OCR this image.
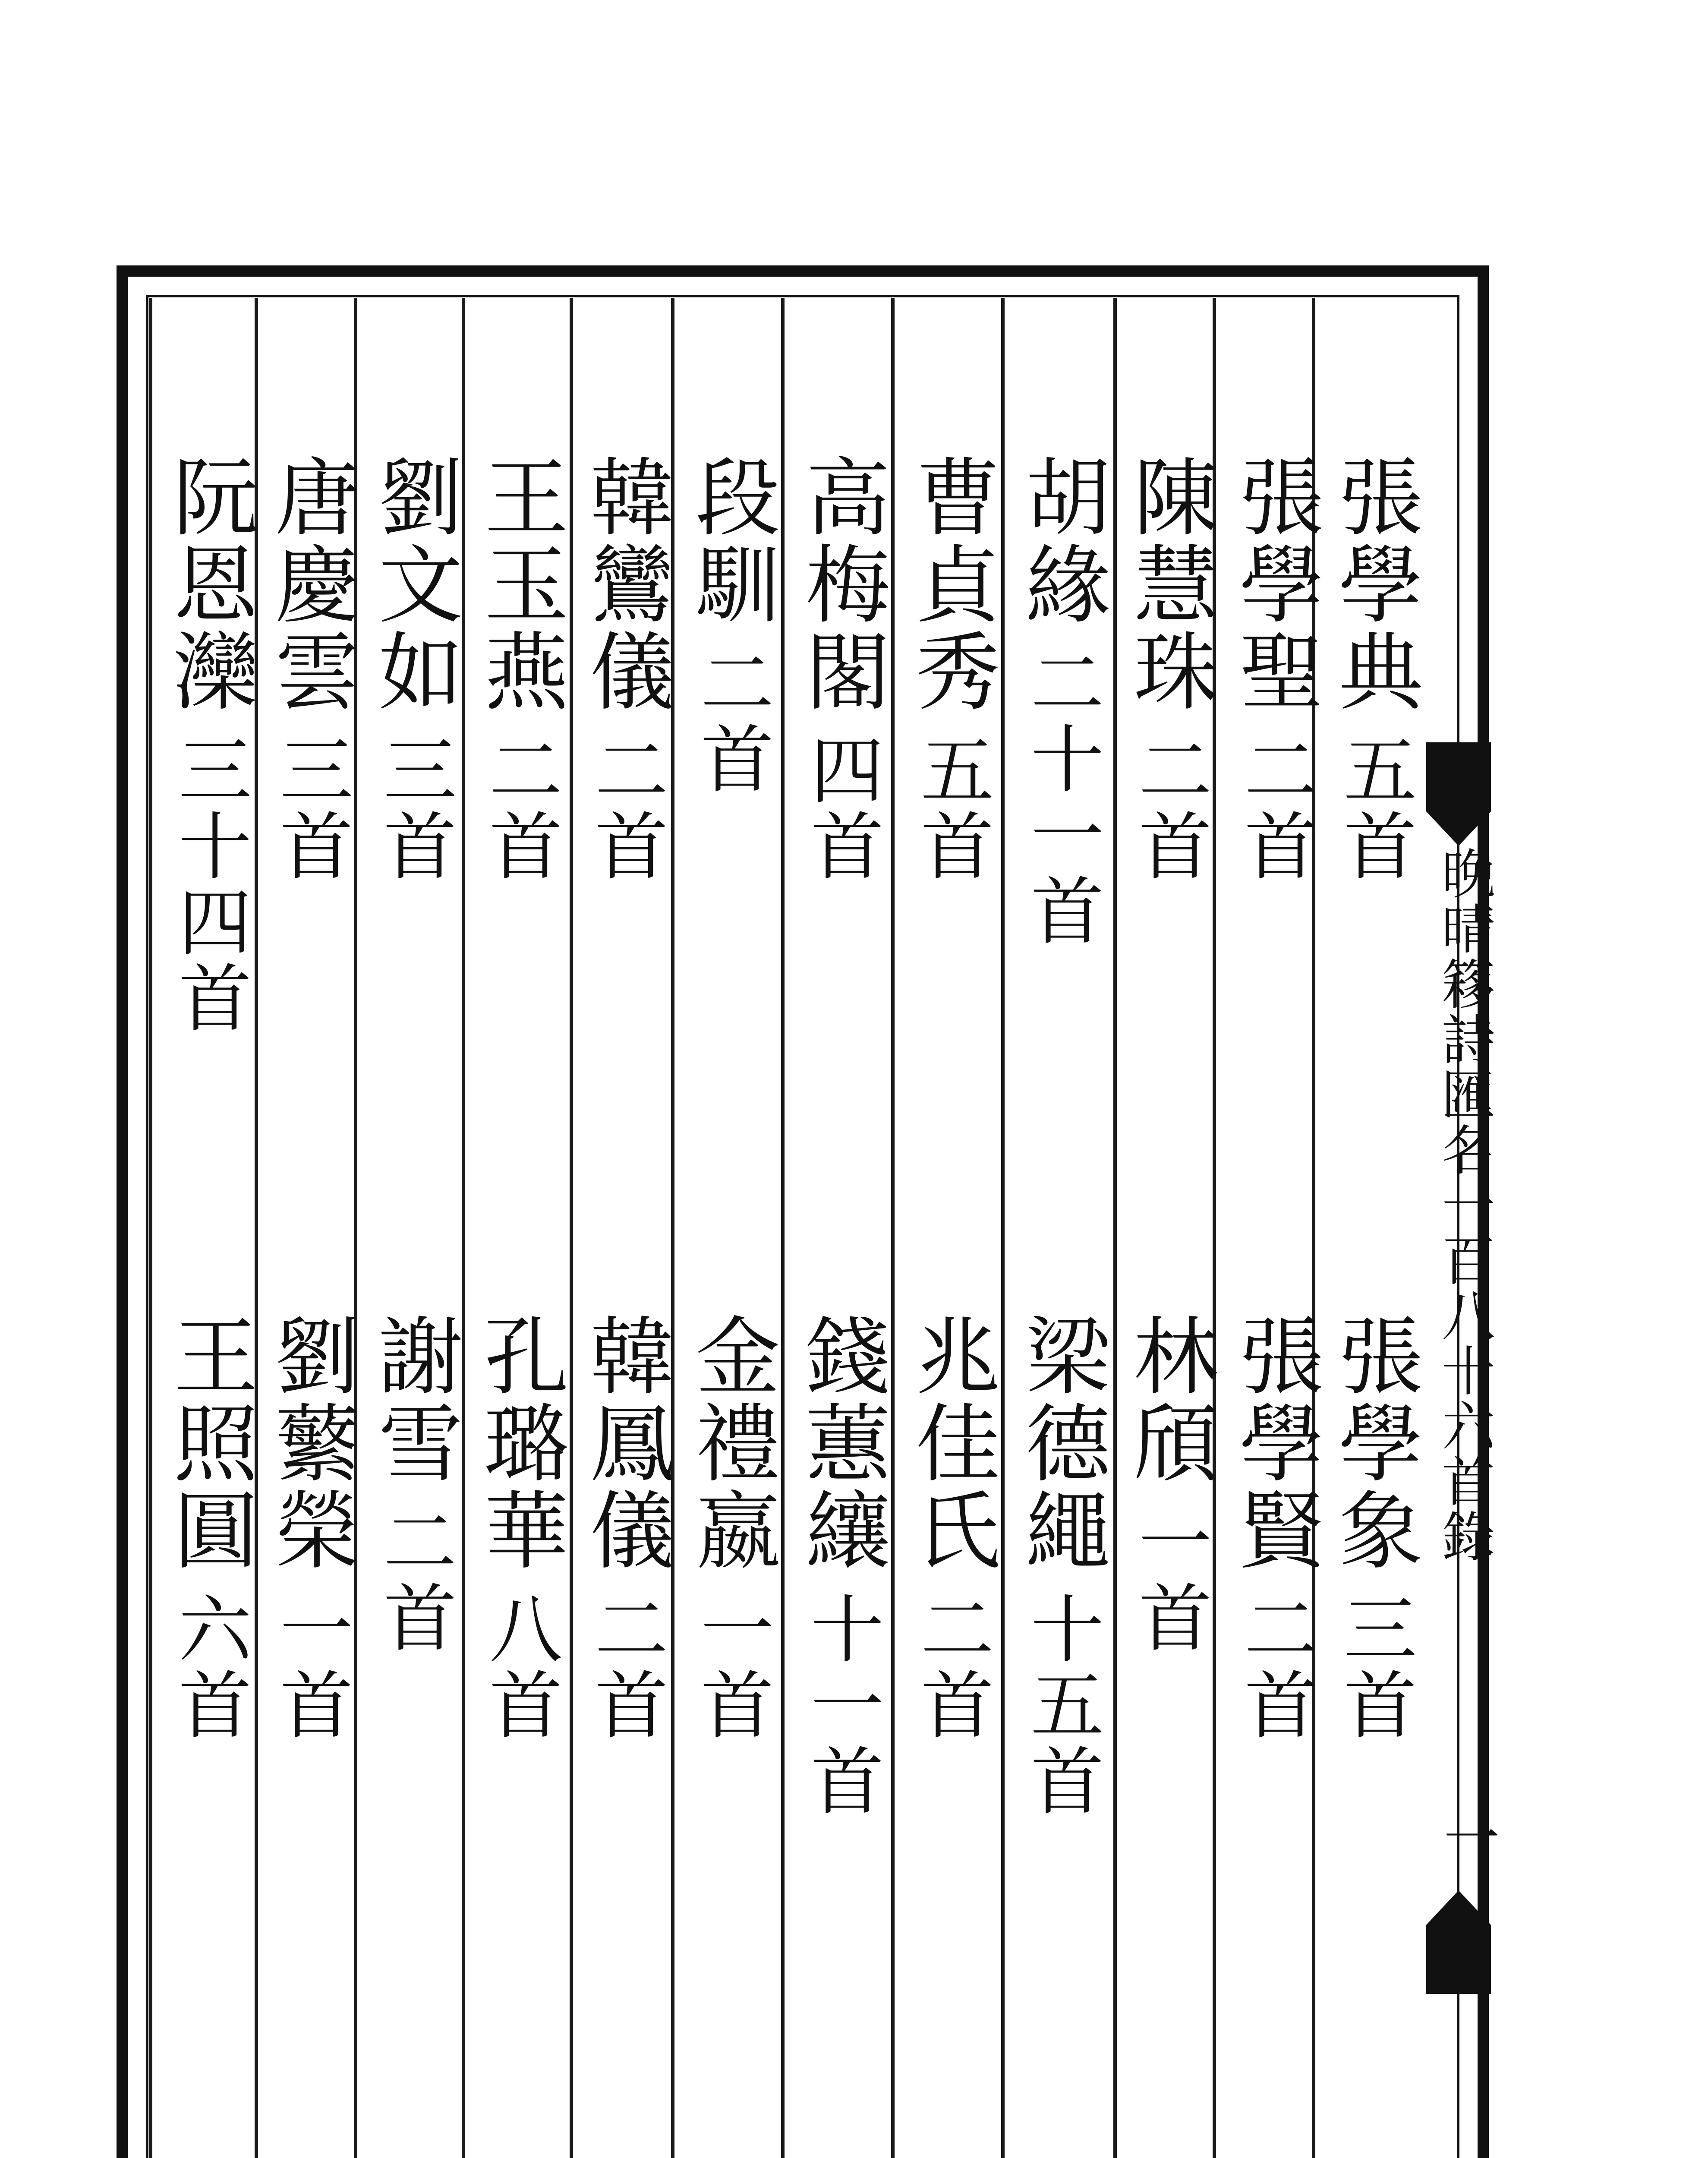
晚晴簃詩匯名一百八十六首錄
一
張學典五首
張學象三首
張學聖二首
張學賢二首
陳慧珠二首
林頎一首
胡緣二十一首
梁德繩十五首
曹貞秀五首
兆佳氏二首
高梅閣四首
錢蕙纕十一首
段馴二首
金禮嬴一首
韓鸞儀二首
韓鳳儀二首
王玉燕二首
孔璐華八首
劉文如三首
謝雪二首
唐慶雲三首
劉蘩榮一首
阮恩灤三十四首
王照圓六首
